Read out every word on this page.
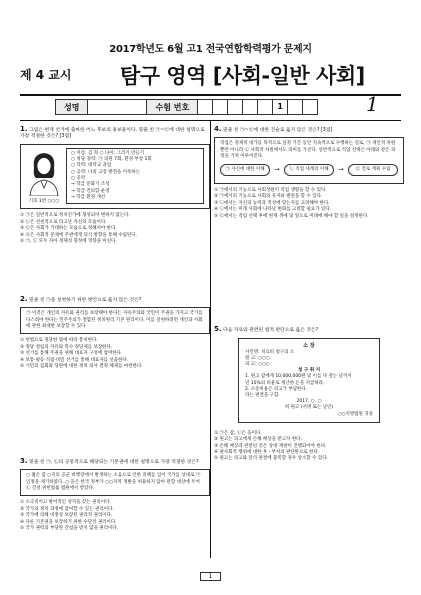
2017학년도 6월 고1 전국연합학력평가 문제지
제 4 교시 탐구 영역 [사회-일반 사회]
성명	수험 번호	1	1
1. 그림은 현재 선거에 출마한 어느 후보의 홍보물이다. 밑줄 친 ㉠~㉢에 대한 설명으로 가장 적절한 것은? [3점]
기호 1번 ○○○
○ 이름: 김 혁 ○ 나이: 그리기 만들기
○ 정당 경력: ㉠ 의원 7회, 환경 부장 1회
○ 학력: 대학교 졸업
○ 공약: 나의 고장 발전을 이룩하는
○ 공약
→ 학급 문화기 조성
→ 학급 건의함 운영
→ 학급 환경 개선
① ㉠은 일반적으로 정치인가에 형성되어 변하지 않는다.
② ㉡은 선천적으로 타고난 자신의 모습이다.
③ ㉢은 사회가 기대하는 모습으로 정해져야 한다.
④ ㉣은 사회적 문제에 주관에게 의식 방향을 통해 수립된다.
⑤ ㉠, ㉡ 모두 자아 정체성 형성에 영향을 미친다.
2. 밑줄 친 ㉠을 실현하기 위한 방안으로 옳지 않은 것은?
㉠ 이것은 개인의 자유와 권리를 보장해야 한다는 자유주의와 국민이 주권을 가지고 국가를 다스려야 한다는 민주주의가 결합된 정치원리 기본 원리이다. 이를 실현하려면 개인과 사회에 관한 최대한 보장할 수 있다.
① 헌법으로 정당한 법에 따라 통치한다.
② 정당 설립의 자유와 복수 정당제를 보장한다.
③ 선거를 통해 주권을 위해 대표자 구성에 참여한다.
④ 보통·평등·직접·비밀 선거를 통해 대표자를 선출한다.
⑤ 시민의 집회와 당원에 대한 정치 의사 결정 체제를 마련한다.
3. 밑줄 친 ㉠, ㉡의 공통적으로 해당되는 기본권에 대한 설명으로 가장 적절한 것은?
○ 젊은 갑 ○지의 공군 비행장에서 발생하는 소음으로 인한 피해를 입어 국가를 상대로 ㉠ 인정을 제기하였다. ○ 을은 한국 정부가 ○○지역 개발을 허용하지 않아 관할 대상에 두어 ㉡ 건설 위헌법률 법원에서 받았다.
① 소극적이고 방어적인 성격을 갖는 권리이다.
② 국가의 정치 과정에 참여할 수 있는 권리이다.
③ 국가에 의해 비정상 보장된 권리적 권리이다.
④ 다른 기본권을 보장하기 위한 수단적 권리이다.
⑤ 국가 권력의 부당한 간섭을 받지 않을 권리이다.
4. 밑줄 친 ㉠~㉢에 대한 진술로 옳지 않은 것은? [3점]
직업은 경제적 대가를 목적으로 일정 기간 동안 지속적으로 수행하는 일로, ㉠ 개인적 차원뿐만 아니라 ㉡ 사회적 차원에서도 의미를 가진다. 일반적으로 직업 선택은 아래와 같은 과정을 거쳐 이루어진다.
㉠ 자신에 대한 이해	→	㉡ 직업 세계의 이해	→	㉢ 진로 계획 수립
① ㉠에서의 기능으로 사회성원이 직업 생활을 할 수 있다.
② ㉠에서의 기능으로 사회의 유지와 발전을 할 수 있다.
③ ㉡에서는 자신의 능력과 적성에 맞는지를 고려해야 한다.
④ ㉡에서는 미래 사회에 나타날 변화를 고려할 필요가 있다.
⑤ ㉢에서는 직업 선택 후에 현재 생애 및 앞으로 미래에 해야 할 일을 설정한다.
5. 다음 자료와 관련된 법적 판단으로 옳은 것은?
소 장
사건명: 치료비 청구의 소
원 고: ○○○
피 고: ○○○
청 구 취 지
1. 원고 갑에게 10,000,000원 및 이를 다 갚는 날까지
연 15%의 비율로 계산한 돈을 지급하라.
2. 소송비용은 피고가 부담한다.
라는 판결을 구함.
2017. ○. ○
위 원고 (서명 또는 날인)
○○지방법원 귀중
① ㉠은 갑, ㉡은 을이다.
② 원고는 피고에게 손해 배상을 받고자 한다.
③ 손해 배상과 관련된 것은 상대 재판이 진행되어야 한다.
④ 판사회적 행위에 대한 후 · 부처의 판단한으로 한다.
⑤ 원고는 피고와 달리 판결에 불복할 경우 상소할 수 있다.
1
